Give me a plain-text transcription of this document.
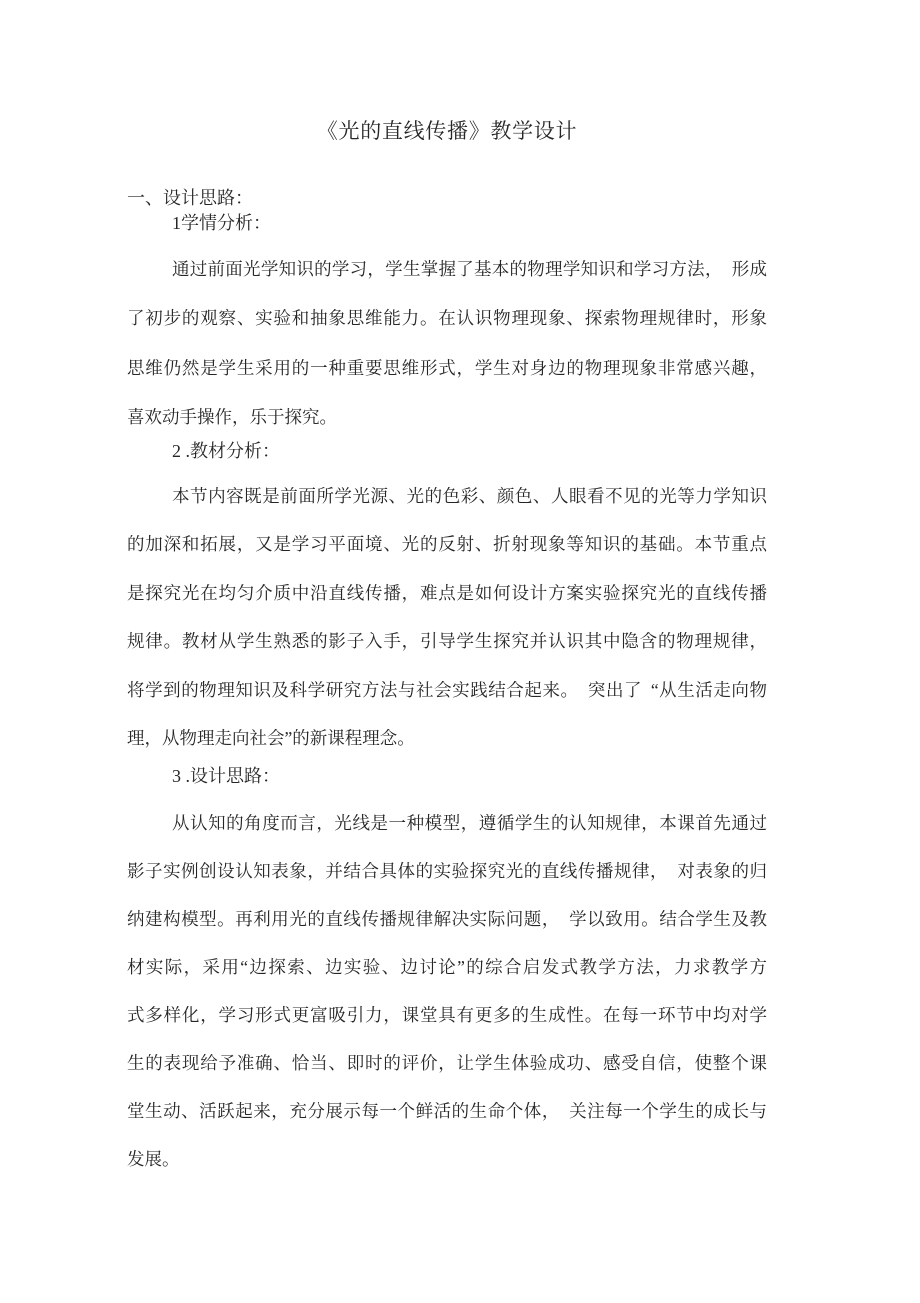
《光的直线传播》教学设计
一、设计思路：
1学情分析：
通过前面光学知识的学习，学生掌握了基本的物理学知识和学习方法， 形成
了初步的观察、实验和抽象思维能力。在认识物理现象、探索物理规律时，形象
思维仍然是学生采用的一种重要思维形式，学生对身边的物理现象非常感兴趣，
喜欢动手操作，乐于探究。
2 .教材分析：
本节内容既是前面所学光源、光的色彩、颜色、人眼看不见的光等力学知识
的加深和拓展，又是学习平面境、光的反射、折射现象等知识的基础。本节重点
是探究光在均匀介质中沿直线传播，难点是如何设计方案实验探究光的直线传播
规律。教材从学生熟悉的影子入手，引导学生探究并认识其中隐含的物理规律，
将学到的物理知识及科学研究方法与社会实践结合起来。 突出了 “从生活走向物
理，从物理走向社会”的新课程理念。
3 .设计思路：
从认知的角度而言，光线是一种模型，遵循学生的认知规律，本课首先通过
影子实例创设认知表象，并结合具体的实验探究光的直线传播规律， 对表象的归
纳建构模型。再利用光的直线传播规律解决实际问题， 学以致用。结合学生及教
材实际，采用“边探索、边实验、边讨论”的综合启发式教学方法，力求教学方
式多样化，学习形式更富吸引力，课堂具有更多的生成性。在每一环节中均对学
生的表现给予准确、恰当、即时的评价，让学生体验成功、感受自信，使整个课
堂生动、活跃起来，充分展示每一个鲜活的生命个体， 关注每一个学生的成长与
发展。
